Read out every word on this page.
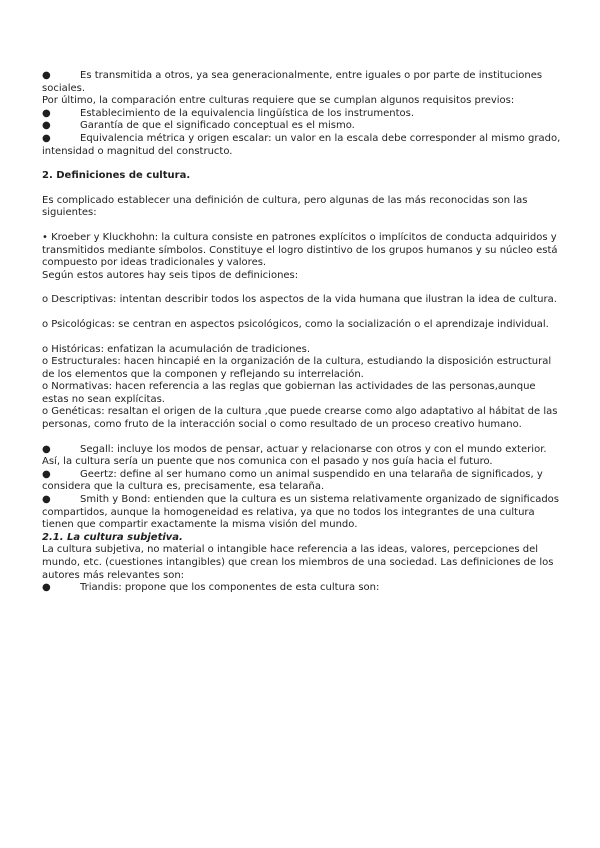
●	Es transmitida a otros, ya sea generacionalmente, entre iguales o por parte de instituciones sociales.

Por último, la comparación entre culturas requiere que se cumplan algunos requisitos previos:

●	Establecimiento de la equivalencia lingüística de los instrumentos.

●	Garantía de que el significado conceptual es el mismo.

●	Equivalencia métrica y origen escalar: un valor en la escala debe corresponder al mismo grado, intensidad o magnitud del constructo.

2. Definiciones de cultura.

Es complicado establecer una definición de cultura, pero algunas de las más reconocidas son las siguientes:

• Kroeber y Kluckhohn: la cultura consiste en patrones explícitos o implícitos de conducta adquiridos y transmitidos mediante símbolos. Constituye el logro distintivo de los grupos humanos y su núcleo está compuesto por ideas tradicionales y valores.

Según estos autores hay seis tipos de definiciones:

o Descriptivas: intentan describir todos los aspectos de la vida humana que ilustran la idea de cultura.

o Psicológicas: se centran en aspectos psicológicos, como la socialización o el aprendizaje individual.

o Históricas: enfatizan la acumulación de tradiciones.

o Estructurales: hacen hincapié en la organización de la cultura, estudiando la disposición estructural de los elementos que la componen y reflejando su interrelación.

o Normativas: hacen referencia a las reglas que gobiernan las actividades de las personas,aunque estas no sean explícitas.

o Genéticas: resaltan el origen de la cultura ,que puede crearse como algo adaptativo al hábitat de las personas, como fruto de la interacción social o como resultado de un proceso creativo humano.

●	Segall: incluye los modos de pensar, actuar y relacionarse con otros y con el mundo exterior. Así, la cultura sería un puente que nos comunica con el pasado y nos guía hacia el futuro.

●	Geertz: define al ser humano como un animal suspendido en una telaraña de significados, y considera que la cultura es, precisamente, esa telaraña.

●	Smith y Bond: entienden que la cultura es un sistema relativamente organizado de significados compartidos, aunque la homogeneidad es relativa, ya que no todos los integrantes de una cultura tienen que compartir exactamente la misma visión del mundo.

2.1. La cultura subjetiva.

La cultura subjetiva, no material o intangible hace referencia a las ideas, valores, percepciones del mundo, etc. (cuestiones intangibles) que crean los miembros de una sociedad. Las definiciones de los autores más relevantes son:

●	Triandis: propone que los componentes de esta cultura son:
